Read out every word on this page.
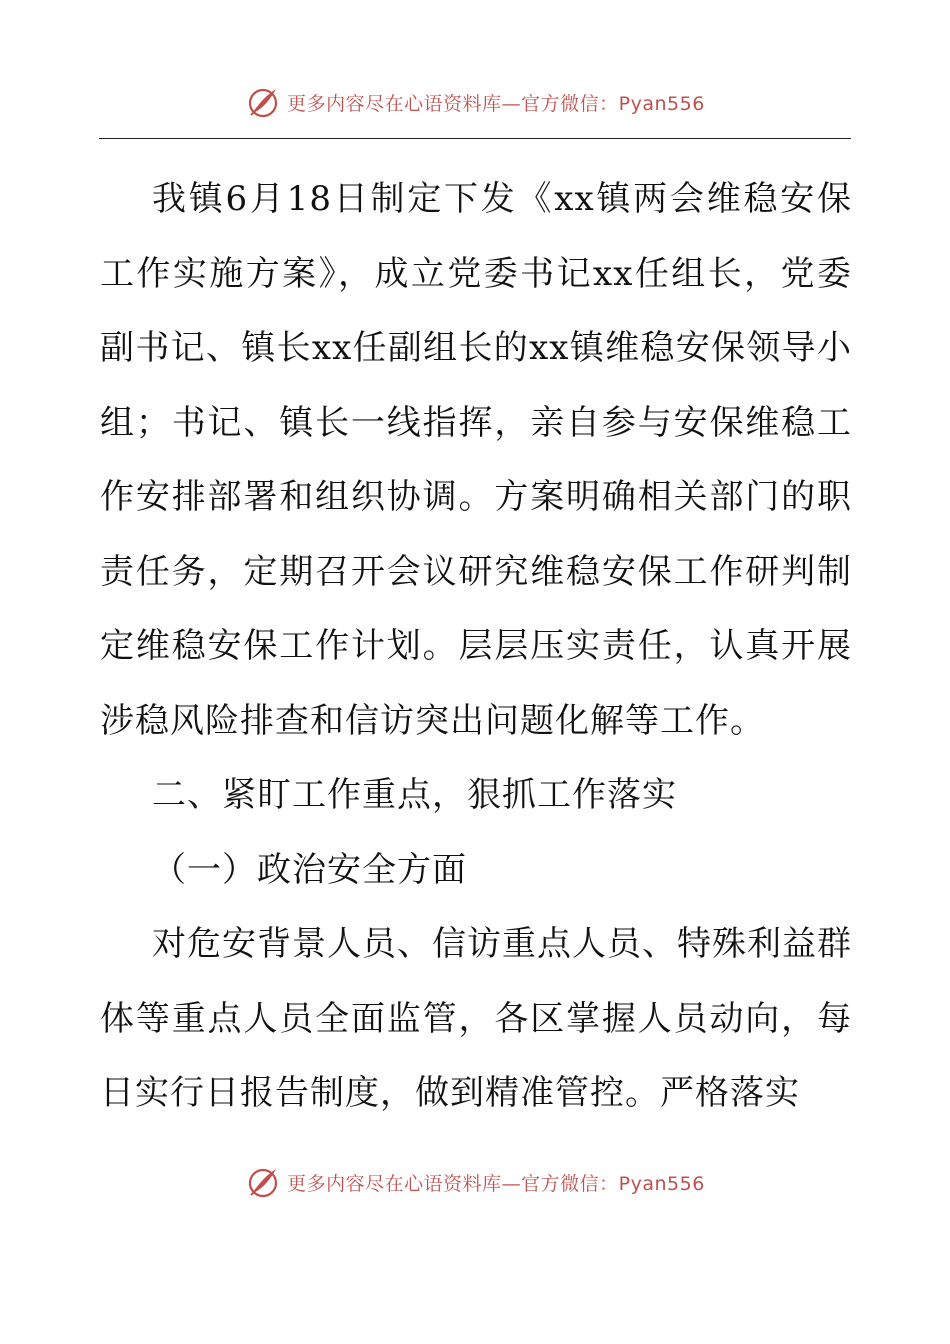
更多内容尽在心语资料库—官方微信：Pyan556

我镇6月18日制定下发《xx镇两会维稳安保工作实施方案》，成立党委书记xx任组长，党委副书记、镇长xx任副组长的xx镇维稳安保领导小组；书记、镇长一线指挥，亲自参与安保维稳工作安排部署和组织协调。方案明确相关部门的职责任务，定期召开会议研究维稳安保工作研判制定维稳安保工作计划。层层压实责任，认真开展涉稳风险排查和信访突出问题化解等工作。

二、紧盯工作重点，狠抓工作落实

（一）政治安全方面

对危安背景人员、信访重点人员、特殊利益群体等重点人员全面监管，各区掌握人员动向，每日实行日报告制度，做到精准管控。严格落实

更多内容尽在心语资料库—官方微信：Pyan556
